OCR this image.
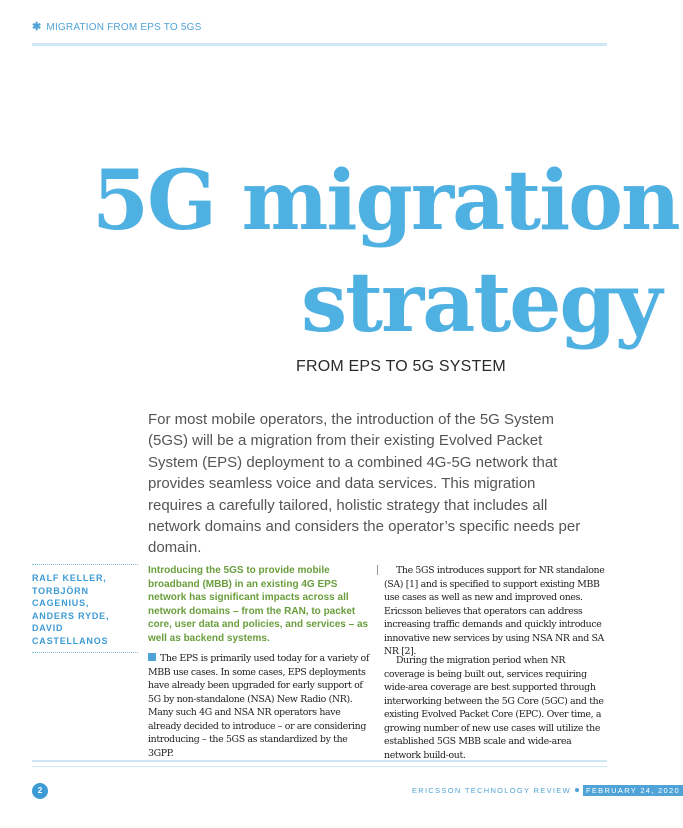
✱ MIGRATION FROM EPS TO 5GS
5G migration
strategy
FROM EPS TO 5G SYSTEM
For most mobile operators, the introduction of the 5G System (5GS) will be a migration from their existing Evolved Packet System (EPS) deployment to a combined 4G-5G network that provides seamless voice and data services. This migration requires a carefully tailored, holistic strategy that includes all network domains and considers the operator’s specific needs per domain.
RALF KELLER,
TORBJÖRN CAGENIUS,
ANDERS RYDE,
DAVID CASTELLANOS
Introducing the 5GS to provide mobile broadband (MBB) in an existing 4G EPS network has significant impacts across all network domains – from the RAN, to packet core, user data and policies, and services – as well as backend systems.
The EPS is primarily used today for a variety of MBB use cases. In some cases, EPS deployments have already been upgraded for early support of 5G by non-standalone (NSA) New Radio (NR). Many such 4G and NSA NR operators have already decided to introduce – or are considering introducing – the 5GS as standardized by the 3GPP.
The 5GS introduces support for NR standalone (SA) [1] and is specified to support existing MBB use cases as well as new and improved ones. Ericsson believes that operators can address increasing traffic demands and quickly introduce innovative new services by using NSA NR and SA NR [2].
During the migration period when NR coverage is being built out, services requiring wide-area coverage are best supported through interworking between the 5G Core (5GC) and the existing Evolved Packet Core (EPC). Over time, a growing number of new use cases will utilize the established 5GS MBB scale and wide-area network build-out.
2	ERICSSON TECHNOLOGY REVIEW FEBRUARY 24, 2020
